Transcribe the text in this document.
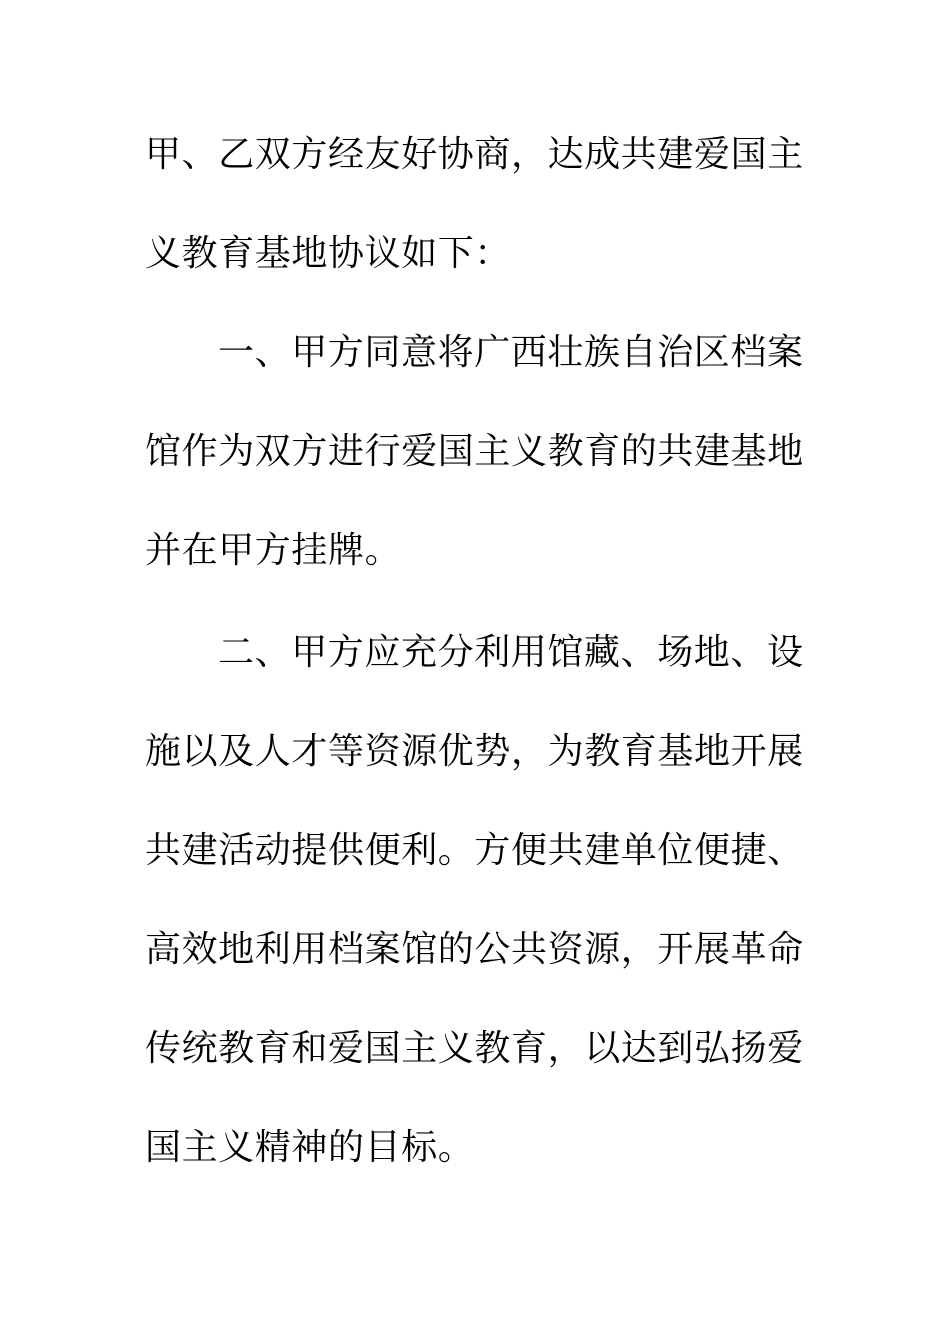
甲、乙双方经友好协商，达成共建爱国主
义教育基地协议如下：
一、甲方同意将广西壮族自治区档案
馆作为双方进行爱国主义教育的共建基地
并在甲方挂牌。
二、甲方应充分利用馆藏、场地、设
施以及人才等资源优势，为教育基地开展
共建活动提供便利。方便共建单位便捷、
高效地利用档案馆的公共资源，开展革命
传统教育和爱国主义教育，以达到弘扬爱
国主义精神的目标。
